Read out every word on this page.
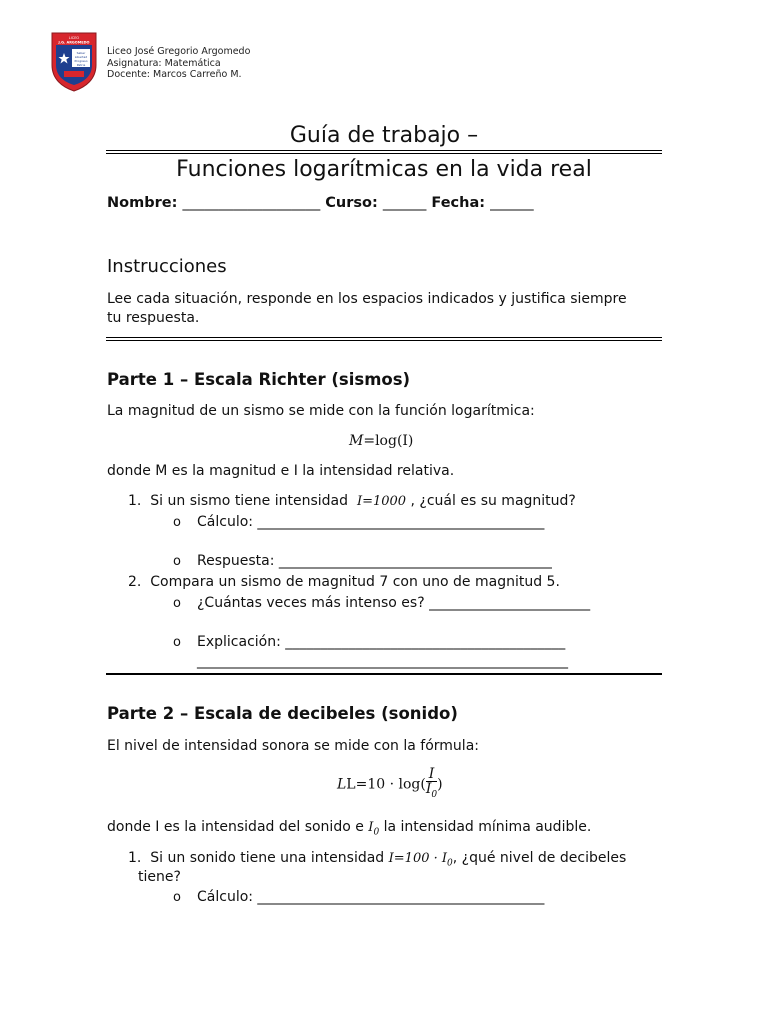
LICEO
J.G. ARGOMEDO
Saber
Libertad
Progreso
Patria
Liceo José Gregorio Argomedo
Asignatura: Matemática
Docente: Marcos Carreño M.
Guía de trabajo –
Funciones logarítmicas en la vida real
Nombre: ___________________ Curso: ______ Fecha: ______
Instrucciones
Lee cada situación, responde en los espacios indicados y justifica siempre tu respuesta.
Parte 1 – Escala Richter (sismos)
La magnitud de un sismo se mide con la función logarítmica:
M=log(I)
donde M es la magnitud e I la intensidad relativa.
1. Si un sismo tiene intensidad I=1000 , ¿cuál es su magnitud?
o Cálculo: _________________________________________
o Respuesta: _______________________________________
2. Compara un sismo de magnitud 7 con uno de magnitud 5.
o ¿Cuántas veces más intenso es? _______________________
o Explicación: ________________________________________
_____________________________________________________
Parte 2 – Escala de decibeles (sonido)
El nivel de intensidad sonora se mide con la fórmula:
$LL=10 \cdot \log( \frac{I}{I_0}$ )
donde I es la intensidad del sonido e $I_0$ la intensidad mínima audible.
1. Si un sonido tiene una intensidad $I=100 \cdot I_0$, ¿qué nivel de decibeles
tiene?
o Cálculo: _________________________________________
